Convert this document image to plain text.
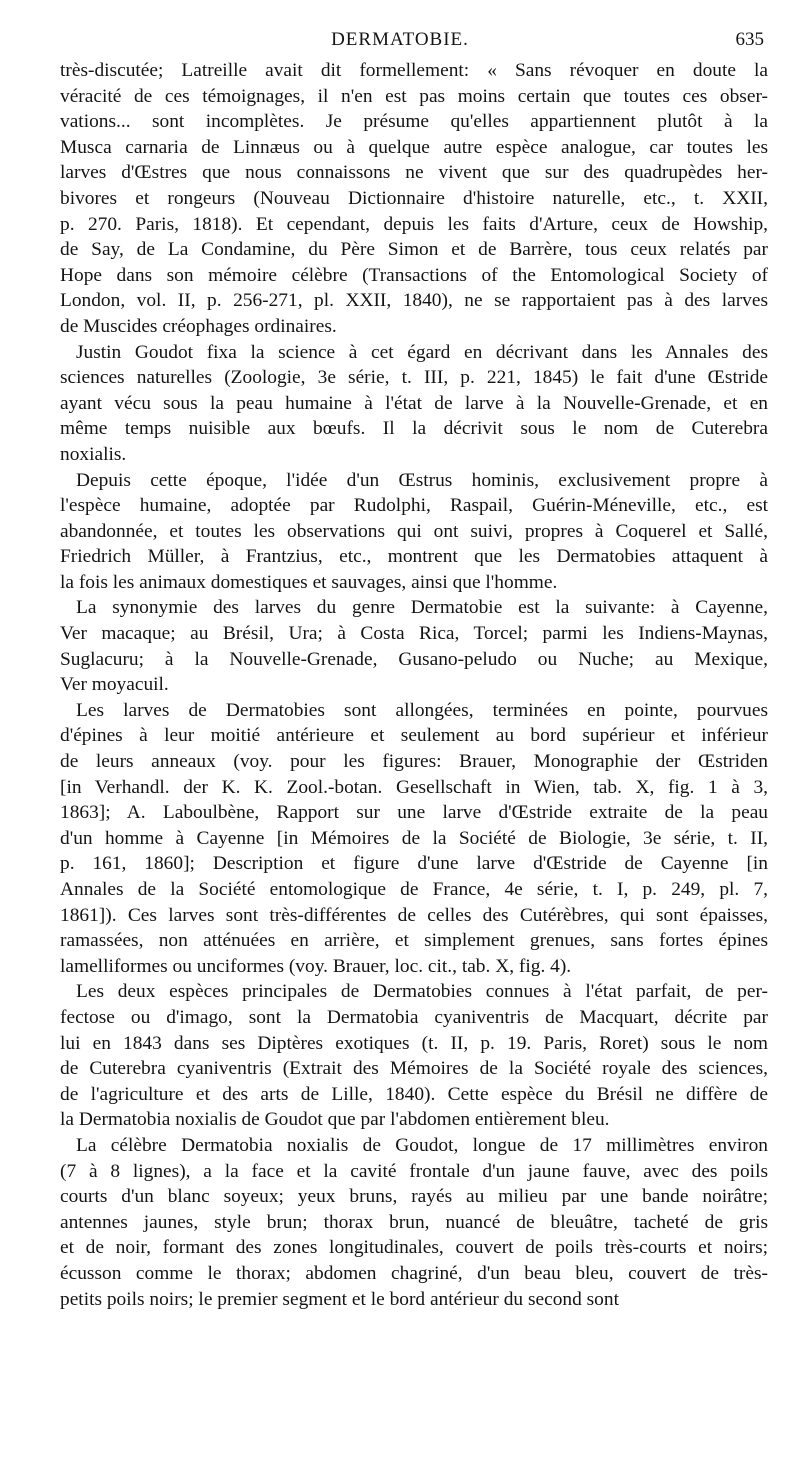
DERMATOBIE.	635

très-discutée; Latreille avait dit formellement: « Sans révoquer en doute la
véracité de ces témoignages, il n'en est pas moins certain que toutes ces obser-
vations... sont incomplètes. Je présume qu'elles appartiennent plutôt à la
Musca carnaria de Linnæus ou à quelque autre espèce analogue, car toutes les
larves d'Œstres que nous connaissons ne vivent que sur des quadrupèdes her-
bivores et rongeurs (Nouveau Dictionnaire d'histoire naturelle, etc., t. XXII,
p. 270. Paris, 1818). Et cependant, depuis les faits d'Arture, ceux de Howship,
de Say, de La Condamine, du Père Simon et de Barrère, tous ceux relatés par
Hope dans son mémoire célèbre (Transactions of the Entomological Society of
London, vol. II, p. 256-271, pl. XXII, 1840), ne se rapportaient pas à des larves
de Muscides créophages ordinaires.

Justin Goudot fixa la science à cet égard en décrivant dans les Annales des
sciences naturelles (Zoologie, 3e série, t. III, p. 221, 1845) le fait d'une Œstride
ayant vécu sous la peau humaine à l'état de larve à la Nouvelle-Grenade, et en
même temps nuisible aux bœufs. Il la décrivit sous le nom de Cuterebra
noxialis.

Depuis cette époque, l'idée d'un Œstrus hominis, exclusivement propre à
l'espèce humaine, adoptée par Rudolphi, Raspail, Guérin-Méneville, etc., est
abandonnée, et toutes les observations qui ont suivi, propres à Coquerel et Sallé,
Friedrich Müller, à Frantzius, etc., montrent que les Dermatobies attaquent à
la fois les animaux domestiques et sauvages, ainsi que l'homme.

La synonymie des larves du genre Dermatobie est la suivante: à Cayenne,
Ver macaque; au Brésil, Ura; à Costa Rica, Torcel; parmi les Indiens-Maynas,
Suglacuru; à la Nouvelle-Grenade, Gusano-peludo ou Nuche; au Mexique,
Ver moyacuil.

Les larves de Dermatobies sont allongées, terminées en pointe, pourvues
d'épines à leur moitié antérieure et seulement au bord supérieur et inférieur
de leurs anneaux (voy. pour les figures: Brauer, Monographie der Œstriden
[in Verhandl. der K. K. Zool.-botan. Gesellschaft in Wien, tab. X, fig. 1 à 3,
1863]; A. Laboulbène, Rapport sur une larve d'Œstride extraite de la peau
d'un homme à Cayenne [in Mémoires de la Société de Biologie, 3e série, t. II,
p. 161, 1860]; Description et figure d'une larve d'Œstride de Cayenne [in
Annales de la Société entomologique de France, 4e série, t. I, p. 249, pl. 7,
1861]). Ces larves sont très-différentes de celles des Cutérèbres, qui sont épaisses,
ramassées, non atténuées en arrière, et simplement grenues, sans fortes épines
lamelliformes ou unciformes (voy. Brauer, loc. cit., tab. X, fig. 4).

Les deux espèces principales de Dermatobies connues à l'état parfait, de per-
fectose ou d'imago, sont la Dermatobia cyaniventris de Macquart, décrite par
lui en 1843 dans ses Diptères exotiques (t. II, p. 19. Paris, Roret) sous le nom
de Cuterebra cyaniventris (Extrait des Mémoires de la Société royale des sciences,
de l'agriculture et des arts de Lille, 1840). Cette espèce du Brésil ne diffère de
la Dermatobia noxialis de Goudot que par l'abdomen entièrement bleu.

La célèbre Dermatobia noxialis de Goudot, longue de 17 millimètres environ
(7 à 8 lignes), a la face et la cavité frontale d'un jaune fauve, avec des poils
courts d'un blanc soyeux; yeux bruns, rayés au milieu par une bande noirâtre;
antennes jaunes, style brun; thorax brun, nuancé de bleuâtre, tacheté de gris
et de noir, formant des zones longitudinales, couvert de poils très-courts et noirs;
écusson comme le thorax; abdomen chagriné, d'un beau bleu, couvert de très-
petits poils noirs; le premier segment et le bord antérieur du second sont
